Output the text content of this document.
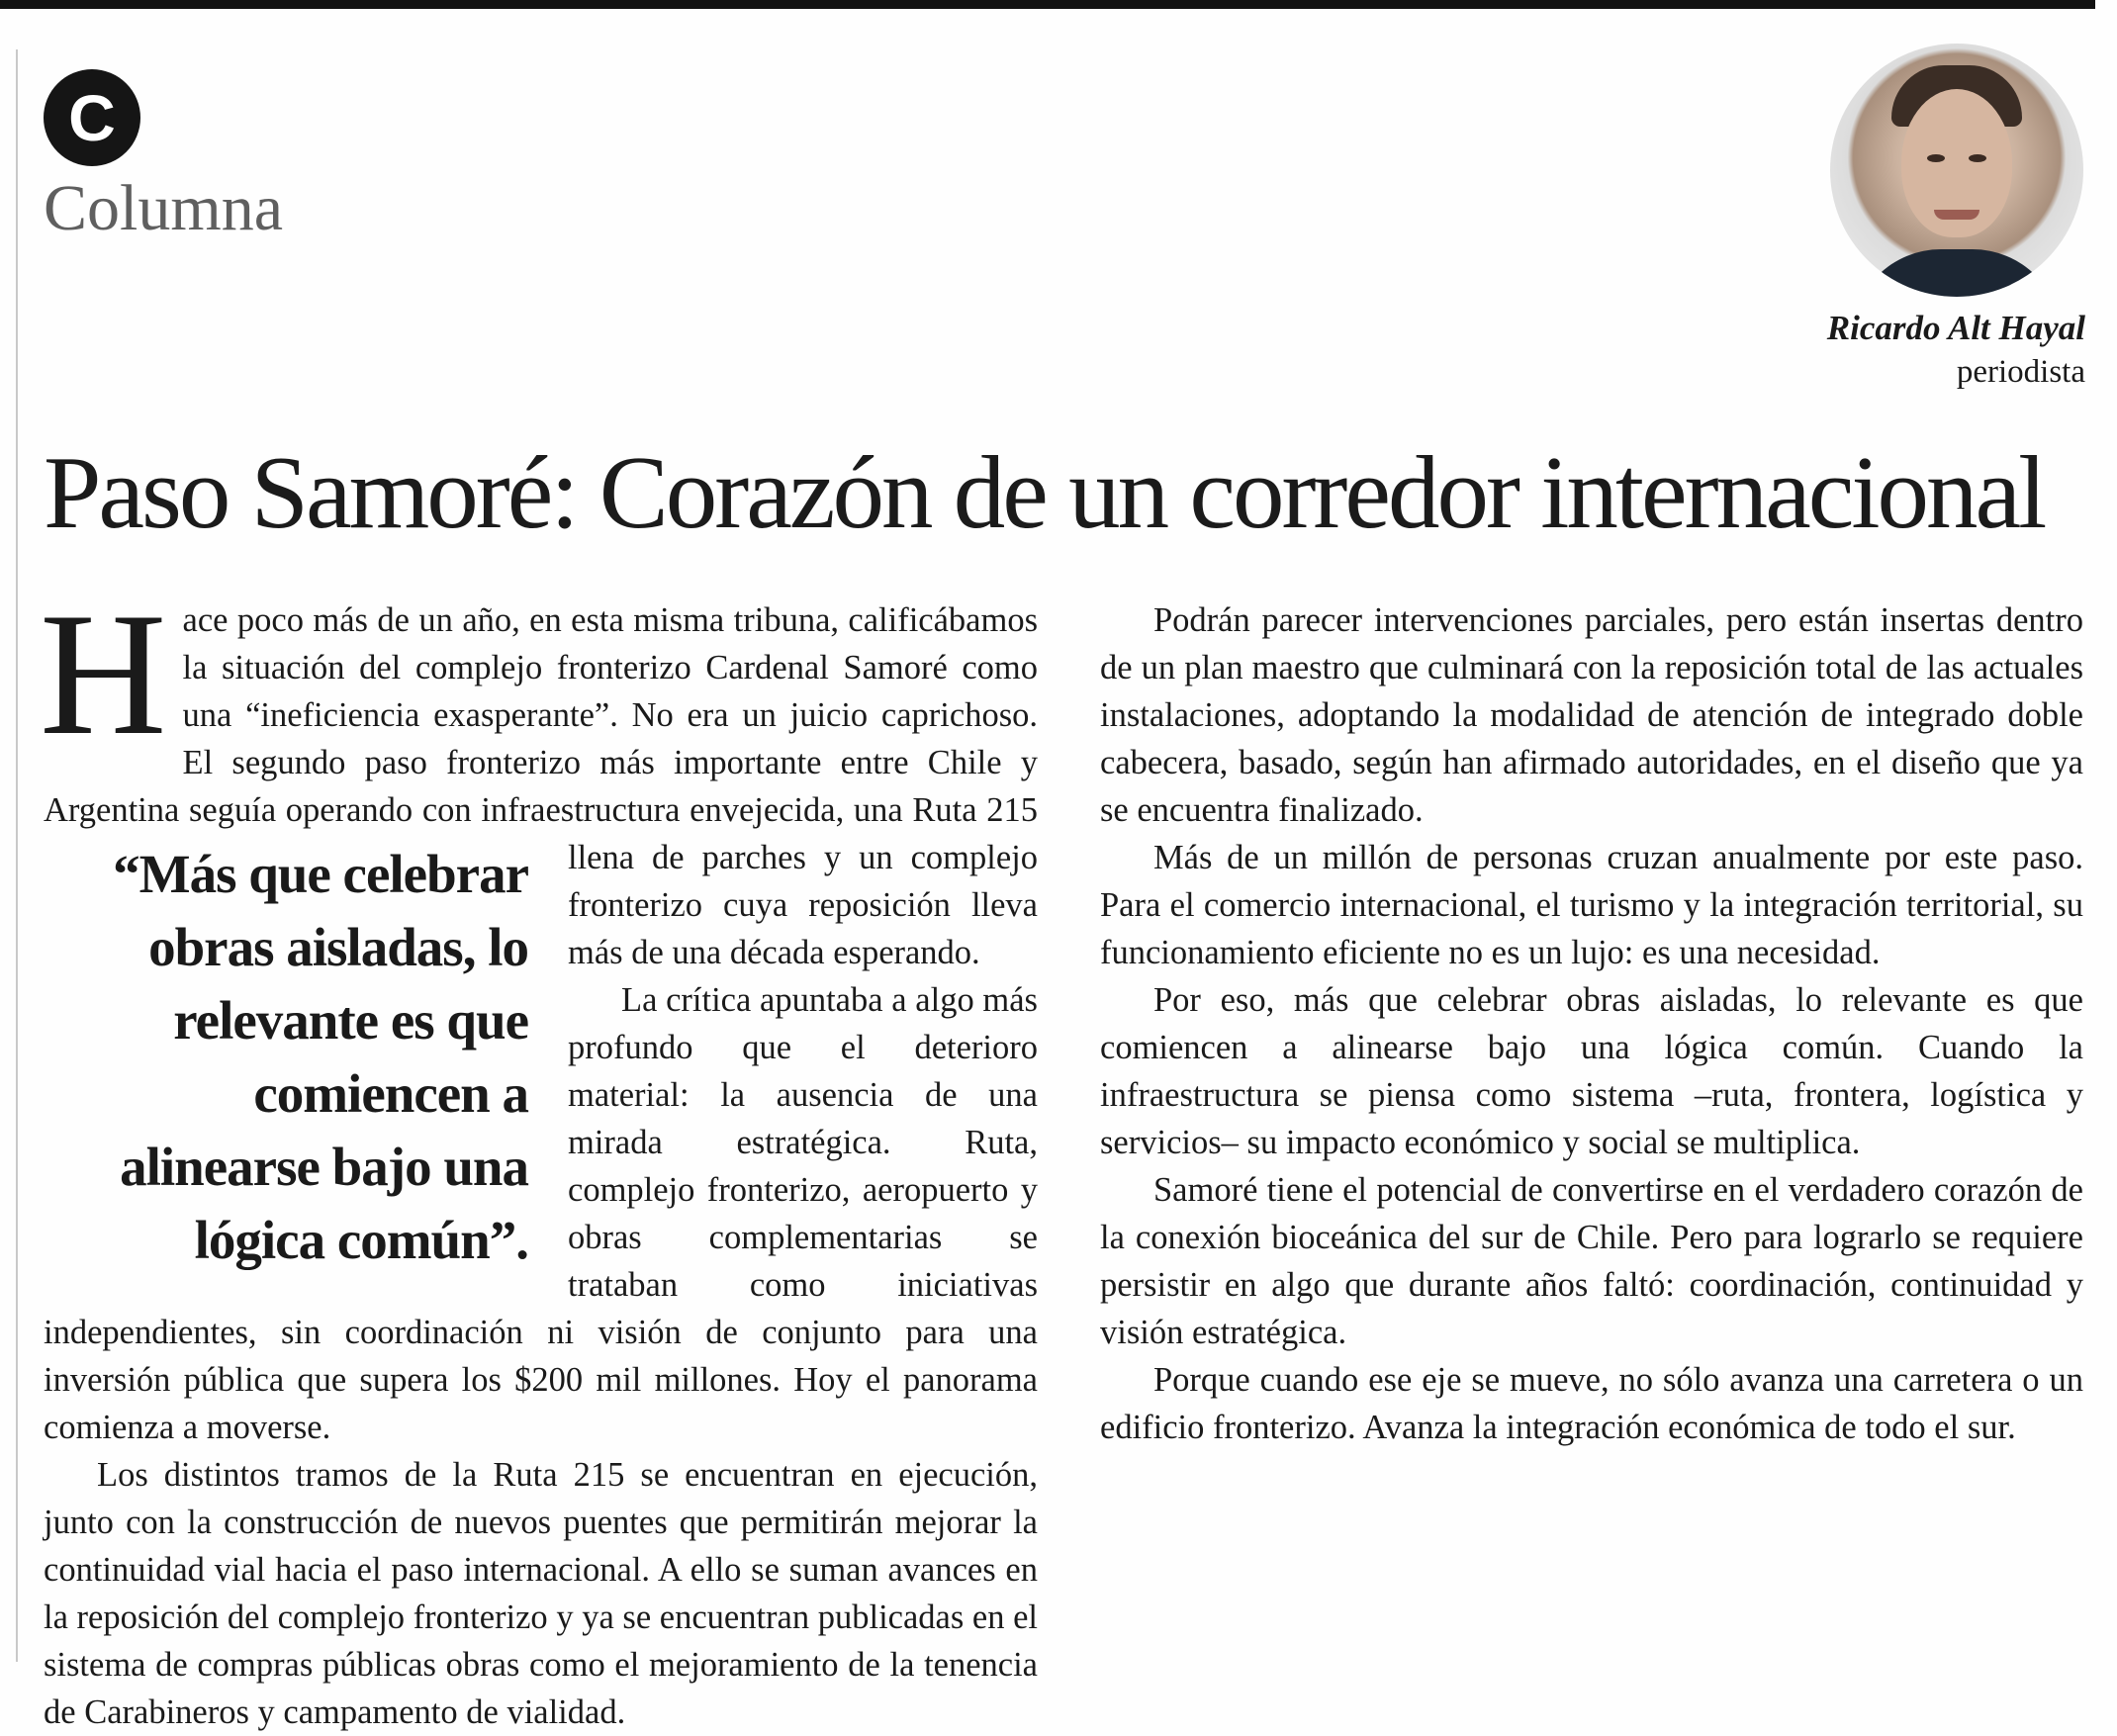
C
Columna
Ricardo Alt Hayal
periodista
Paso Samoré: Corazón de un corredor internacional

Hace poco más de un año, en esta misma tribuna, calificábamos la situación del complejo fronterizo Cardenal Samoré como una “ineficiencia exasperante”. No era un juicio caprichoso. El segundo paso fronterizo más importante entre Chile y Argentina seguía operando con infraestructura envejecida,
“Más que celebrar obras aisladas, lo relevante es que comiencen a alinearse bajo una lógica común”.
una Ruta 215 llena de parches y un complejo fronterizo cuya reposición lleva más de una década esperando.

La crítica apuntaba a algo más profundo que el deterioro material: la ausencia de una mirada estratégica. Ruta, complejo fronterizo, aeropuerto y obras complementarias se trataban como iniciativas independientes, sin coordinación ni visión de conjunto para una inversión pública que supera los $200 mil millones. Hoy el panorama comienza a moverse.

Los distintos tramos de la Ruta 215 se encuentran en ejecución, junto con la construcción de nuevos puentes que permitirán mejorar la continuidad vial hacia el paso internacional. A ello se suman avances en la reposición del complejo fronterizo y ya se encuentran publicadas en el sistema de compras públicas obras como el mejoramiento de la tenencia de Carabineros y campamento de vialidad.

Podrán parecer intervenciones parciales, pero están insertas dentro de un plan maestro que culminará con la reposición total de las actuales instalaciones, adoptando la modalidad de atención de integrado doble cabecera, basado, según han afirmado autoridades, en el diseño que ya se encuentra finalizado.

Más de un millón de personas cruzan anualmente por este paso. Para el comercio internacional, el turismo y la integración territorial, su funcionamiento eficiente no es un lujo: es una necesidad.

Por eso, más que celebrar obras aisladas, lo relevante es que comiencen a alinearse bajo una lógica común. Cuando la infraestructura se piensa como sistema –ruta, frontera, logística y servicios– su impacto económico y social se multiplica.

Samoré tiene el potencial de convertirse en el verdadero corazón de la conexión bioceánica del sur de Chile. Pero para lograrlo se requiere persistir en algo que durante años faltó: coordinación, continuidad y visión estratégica.

Porque cuando ese eje se mueve, no sólo avanza una carretera o un edificio fronterizo. Avanza la integración económica de todo el sur.
